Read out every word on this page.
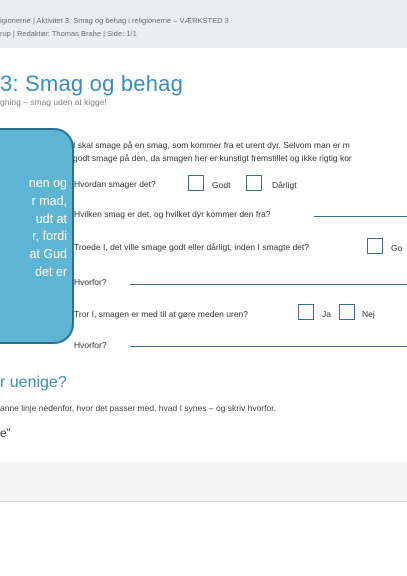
igionerne | Aktivitet 3: Smag og behag i religionerne – VÆRKSTED 3
rup | Redaktør: Thomas Brahe | Side: 1/1
3: Smag og behag
gning – smag uden at kigge!
nen og
r mad,
udt at
r, fordi
at Gud
det er
I skal smage på en smag, som kommer fra et urent dyr. Selvom man er m
godt smage på den, da smagen her er kunstigt fremstillet og ikke rigtig kor
Hvordan smager det?	Godt	Dårligt
Hvilken smag er det, og hvilket dyr kommer den fra?
Troede I, det ville smage godt eller dårligt, inden I smagte det?	Go
Hvorfor?
Tror I, smagen er med til at gøre meden uren?	Ja	Nej
Hvorfor?
r uenige?
anne linje nedenfor, hvor det passer med, hvad I synes – og skriv hvorfor.
e”
